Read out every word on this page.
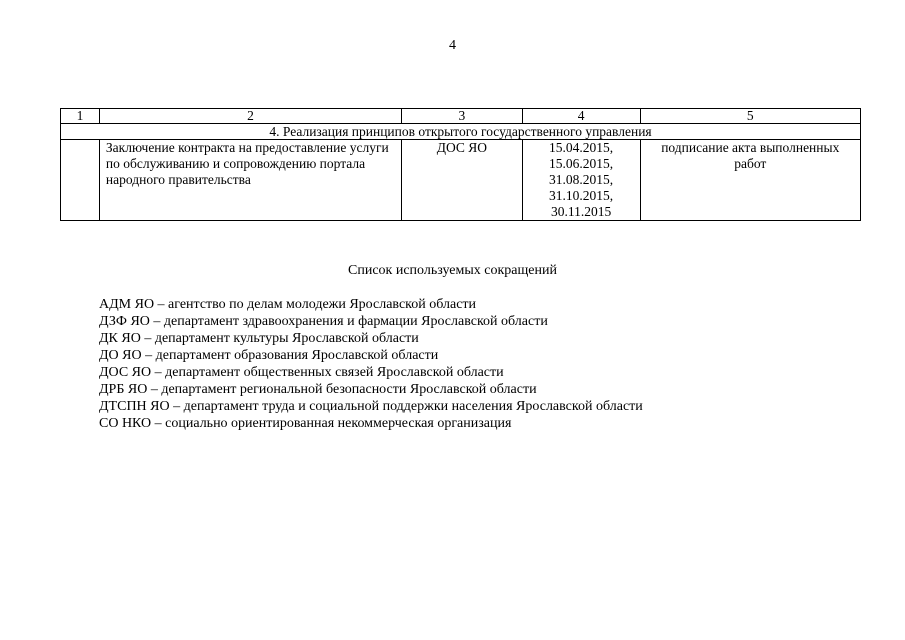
4
1	2	3	4	5
4. Реализация принципов открытого государственного управления				
	Заключение контракта на предоставление услуги по обслуживанию и сопровождению портала народного правительства	ДОС ЯО	15.04.2015,
15.06.2015,
31.08.2015,
31.10.2015,
30.11.2015	подписание акта выполненных работ
Список используемых сокращений
АДМ ЯО – агентство по делам молодежи Ярославской области
ДЗФ ЯО – департамент здравоохранения и фармации Ярославской области
ДК ЯО – департамент культуры Ярославской области
ДО ЯО – департамент образования Ярославской области
ДОС ЯО – департамент общественных связей Ярославской области
ДРБ ЯО – департамент региональной безопасности Ярославской области
ДТСПН ЯО – департамент труда и социальной поддержки населения Ярославской области
СО НКО – социально ориентированная некоммерческая организация
